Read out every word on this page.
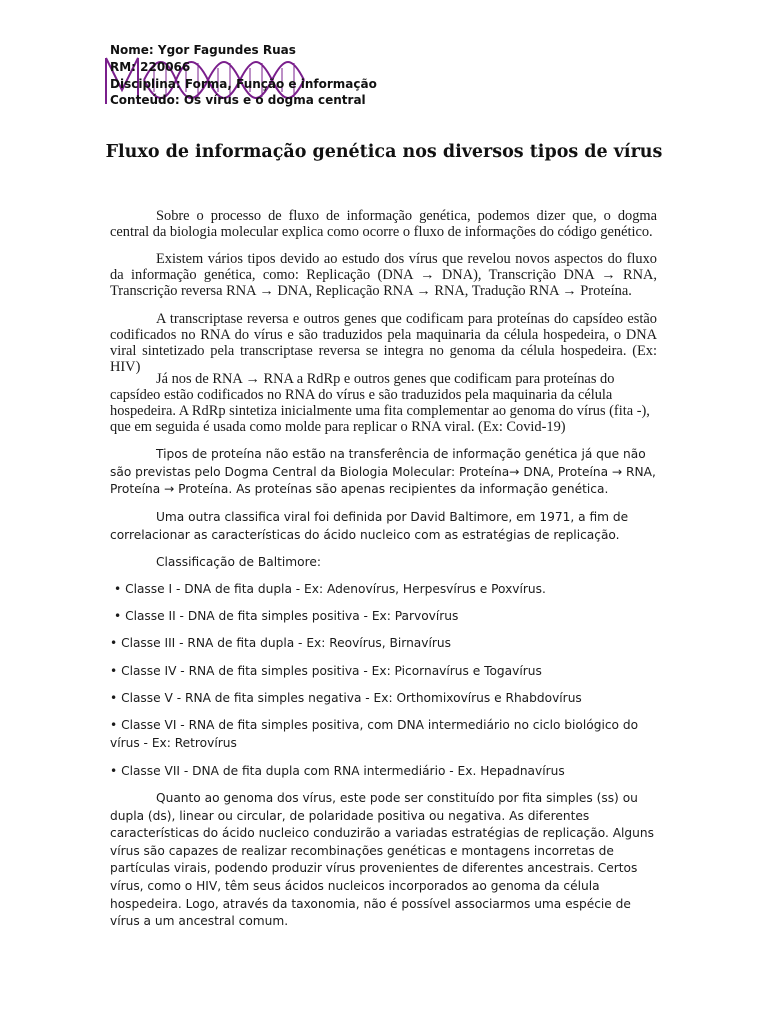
Nome: Ygor Fagundes Ruas
RM: 220066
Disciplina: Forma, Função e informação
Conteúdo: Os vírus e o dogma central
Fluxo de informação genética nos diversos tipos de vírus

Sobre o processo de fluxo de informação genética, podemos dizer que, o dogma central da biologia molecular explica como ocorre o fluxo de informações do código genético.

Existem vários tipos devido ao estudo dos vírus que revelou novos aspectos do fluxo da informação genética, como: Replicação (DNA → DNA), Transcrição DNA → RNA, Transcrição reversa RNA → DNA, Replicação RNA → RNA, Tradução RNA → Proteína.

A transcriptase reversa e outros genes que codificam para proteínas do capsídeo estão codificados no RNA do vírus e são traduzidos pela maquinaria da célula hospedeira, o DNA viral sintetizado pela transcriptase reversa se integra no genoma da célula hospedeira. (Ex: HIV)

Já nos de RNA → RNA a RdRp e outros genes que codificam para proteínas do capsídeo estão codificados no RNA do vírus e são traduzidos pela maquinaria da célula hospedeira. A RdRp sintetiza inicialmente uma fita complementar ao genoma do vírus (fita -), que em seguida é usada como molde para replicar o RNA viral. (Ex: Covid-19)

Tipos de proteína não estão na transferência de informação genética já que não são previstas pelo Dogma Central da Biologia Molecular: Proteína→ DNA, Proteína → RNA, Proteína → Proteína. As proteínas são apenas recipientes da informação genética.

Uma outra classifica viral foi definida por David Baltimore, em 1971, a fim de correlacionar as características do ácido nucleico com as estratégias de replicação.

Classificação de Baltimore:

• Classe I - DNA de fita dupla - Ex: Adenovírus, Herpesvírus e Poxvírus.
• Classe II - DNA de fita simples positiva - Ex: Parvovírus
• Classe III - RNA de fita dupla - Ex: Reovírus, Birnavírus
• Classe IV - RNA de fita simples positiva - Ex: Picornavírus e Togavírus
• Classe V - RNA de fita simples negativa - Ex: Orthomixovírus e Rhabdovírus
• Classe VI - RNA de fita simples positiva, com DNA intermediário no ciclo biológico do vírus - Ex: Retrovírus
• Classe VII - DNA de fita dupla com RNA intermediário - Ex. Hepadnavírus

Quanto ao genoma dos vírus, este pode ser constituído por fita simples (ss) ou dupla (ds), linear ou circular, de polaridade positiva ou negativa. As diferentes características do ácido nucleico conduzirão a variadas estratégias de replicação. Alguns vírus são capazes de realizar recombinações genéticas e montagens incorretas de partículas virais, podendo produzir vírus provenientes de diferentes ancestrais. Certos vírus, como o HIV, têm seus ácidos nucleicos incorporados ao genoma da célula hospedeira. Logo, através da taxonomia, não é possível associarmos uma espécie de vírus a um ancestral comum.
